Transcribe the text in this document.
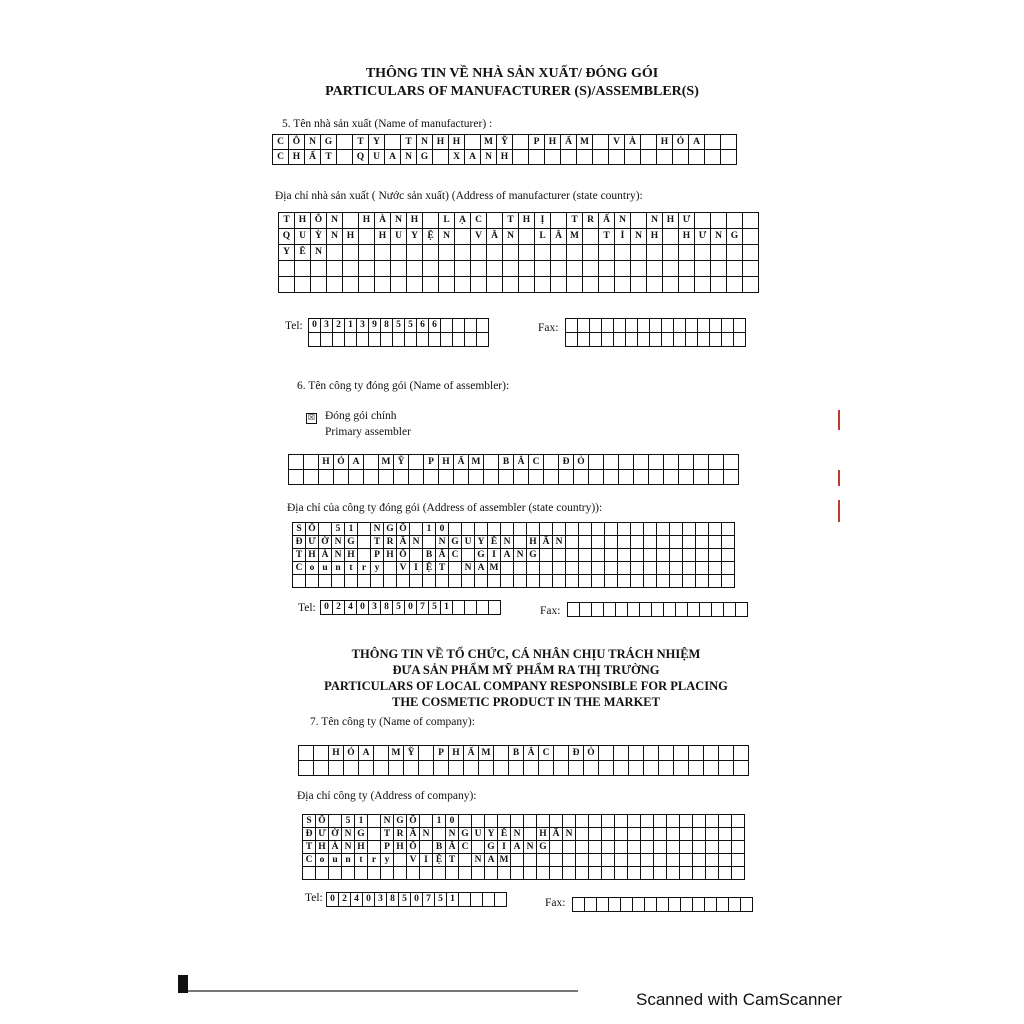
THÔNG TIN VỀ NHÀ SẢN XUẤT/ ĐÓNG GÓI
PARTICULARS OF MANUFACTURER (S)/ASSEMBLER(S)
5. Tên nhà sản xuất (Name of manufacturer) :
C	Ô	N	G		T	Y		T	N	H	H		M	Ỹ		P	H	Ẩ	M		V	À		H	Ó	A		
C	H	Ấ	T		Q	U	A	N	G		X	A	N	H														
Địa chỉ nhà sản xuất ( Nước sản xuất) (Address of manufacturer (state country):
T	H	Ô	N		H	À	N	H		L	Ạ	C		T	H	Ị		T	R	Ấ	N		N	H	Ư				
Q	U	Ỳ	N	H		H	U	Y	Ệ	N		V	Ă	N		L	Â	M		T	Ỉ	N	H		H	Ư	N	G	
Y	Ê	N																											

Tel: 0	3	2	1	3	9	8	5	5	6	6				
															Fax:

6. Tên công ty đóng gói (Name of assembler):
☒ Đóng gói chính
Primary assembler
		H	Ó	A		M	Ỹ		P	H	Ẩ	M		B	Ắ	C		Đ	Ỏ										

Địa chỉ của công ty đóng gói (Address of assembler (state country)):
S	Ố		5	1		N	G	Õ		1	0																						
Đ	Ư	Ờ	N	G		T	R	Ầ	N		N	G	U	Y	Ê	N		H	Ã	N													
T	H	À	N	H		P	H	Ố		B	Ắ	C		G	I	A	N	G															
C	o	u	n	t	r	y		V	I	Ệ	T		N	A	M																		

Tel: 0	2	4	0	3	8	5	0	7	5	1					Fax:

THÔNG TIN VỀ TỔ CHỨC, CÁ NHÂN CHỊU TRÁCH NHIỆM
ĐƯA SẢN PHẨM MỸ PHẨM RA THỊ TRƯỜNG
PARTICULARS OF LOCAL COMPANY RESPONSIBLE FOR PLACING
THE COSMETIC PRODUCT IN THE MARKET
7. Tên công ty (Name of company):
		H	Ó	A		M	Ỹ		P	H	Ẩ	M		B	Ắ	C		Đ	Ỏ										

Địa chỉ công ty (Address of company):
S	Ố		5	1		N	G	Õ		1	0																						
Đ	Ư	Ờ	N	G		T	R	Ầ	N		N	G	U	Y	Ê	N		H	Ã	N													
T	H	À	N	H		P	H	Ố		B	Ắ	C		G	I	A	N	G															
C	o	u	n	t	r	y		V	I	Ệ	T		N	A	M																		

Tel: 0	2	4	0	3	8	5	0	7	5	1					Fax:

Scanned with CamScanner
